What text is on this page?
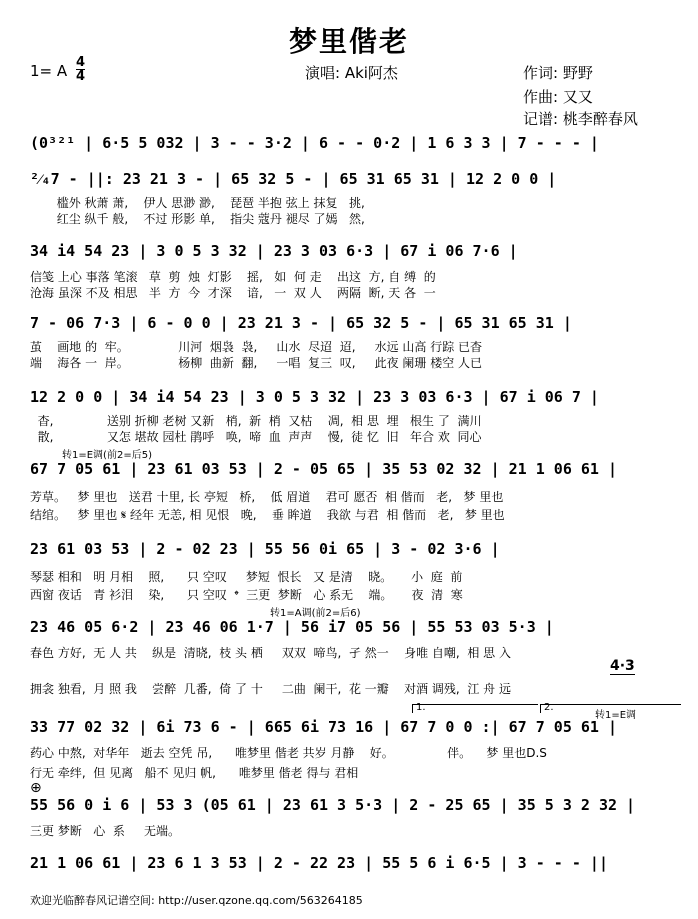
梦里偕老
1= A 4
4	演唱: Aki阿杰	作词: 野野
作曲: 又又
记谱: 桃李醉春风
(0³²¹ | 6·5 5 032 | 3 - - 3·2 | 6 - - 0·2 | 1 6 3 3 | 7 - - - |
²⁄₄7 - ||: 23 21 3 - | 65 32 5 - | 65 31 65 31 | 12 2 0 0 |
槛外 秋萧 萧,    伊人 思渺 渺,    琵琶 半抱 弦上 抹复   挑,
红尘 纵千 般,    不过 形影 单,    指尖 蔻丹 褪尽 了嫣   然,
34 i4 54 23 | 3 0 5 3 32 | 23 3 03 6·3 | 67 i 06 7·6 |
信笺 上心 事落 笔滚   草  剪  烛  灯影    摇,   如  何 走    出这  方, 自 缚  的
沧海 虽深 不及 相思   半  方  今  才深    谙,   一  双 人    两隔  断, 天 各  一
7 - 06 7·3 | 6 - 0 0 | 23 21 3 - | 65 32 5 - | 65 31 65 31 |
茧    画地 的  牢。             川河  烟袅  袅,     山水  尽迢  迢,     水远 山高 行踪 已杳
端    海各 一  岸。             杨柳  曲新  翻,     一唱  复三  叹,     此夜 阑珊 楼空 人已
12 2 0 0 | 34 i4 54 23 | 3 0 5 3 32 | 23 3 03 6·3 | 67 i 06 7 |
杳,              送别 折柳 老树 又新   梢,  新  梢  又枯    凋,  相 思  埋   根生 了  满川
散,              又怎 堪故 园杜 鹃呼   唤,  啼  血  声声    慢,  徒 忆  旧   年合 欢  同心
转1=E调(前2=后5)
67 7 05 61 | 23 61 03 53 | 2 - 05 65 | 35 53 02 32 | 21 1 06 61 |
芳草。   梦 里也   送君 十里, 长 亭短   桥,    低 眉道    君可 愿否  相 偕而   老,   梦 里也
结绾。   梦 里也 𝄋 经年 无恙, 相 见恨   晚,    垂 眸道    我欲 与君  相 偕而   老,   梦 里也
23 61 03 53 | 2 - 02 23 | 55 56 0i 65 | 3 - 02 3·6 |
琴瑟 相和   明 月相    照,      只 空叹     梦短  恨长   又 是清    晓。     小  庭  前
西窗 夜话   青 衫泪    染,      只 空叹  𝄌  三更  梦断   心 系无    端。     夜  清  寒
转1=A调(前2=后6)
23 46 05 6·2 | 23 46 06 1·7 | 56 i7 05 56 | 55 53 03 5·3 |
春色 方好,  无 人 共    纵是  清晓,  枝 头 栖     双双  啼鸟,  孑 然一    身唯 自嘲,  相 思 入
4·3
拥衾 独看,  月 照 我    尝醉  几番,  倚 了 十     二曲  阑干,  花 一瓣    对酒 调残,  江 舟 远
1.	2.
转1=E调
33 77 02 32 | 6i 73 6 - | 665 6i 73 16 | 67 7 0 0 :| 67 7 05 61 |
药心 中熬,  对华年   逝去 空凭 吊,      唯梦里 偕老 共岁 月静    好。              伴。    梦 里也D.S
行无 牵绊,  但 见离   船不 见归 帆,      唯梦里 偕老 得与 君相
⊕
55 56 0 i 6 | 53 3 (05 61 | 23 61 3 5·3 | 2 - 25 65 | 35 5 3 2 32 |
三更 梦断   心  系     无端。
21 1 06 61 | 23 6 1 3 53 | 2 - 22 23 | 55 5 6 i 6·5 | 3 - - - ||
欢迎光临醉春风记谱空间: http://user.qzone.qq.com/563264185
